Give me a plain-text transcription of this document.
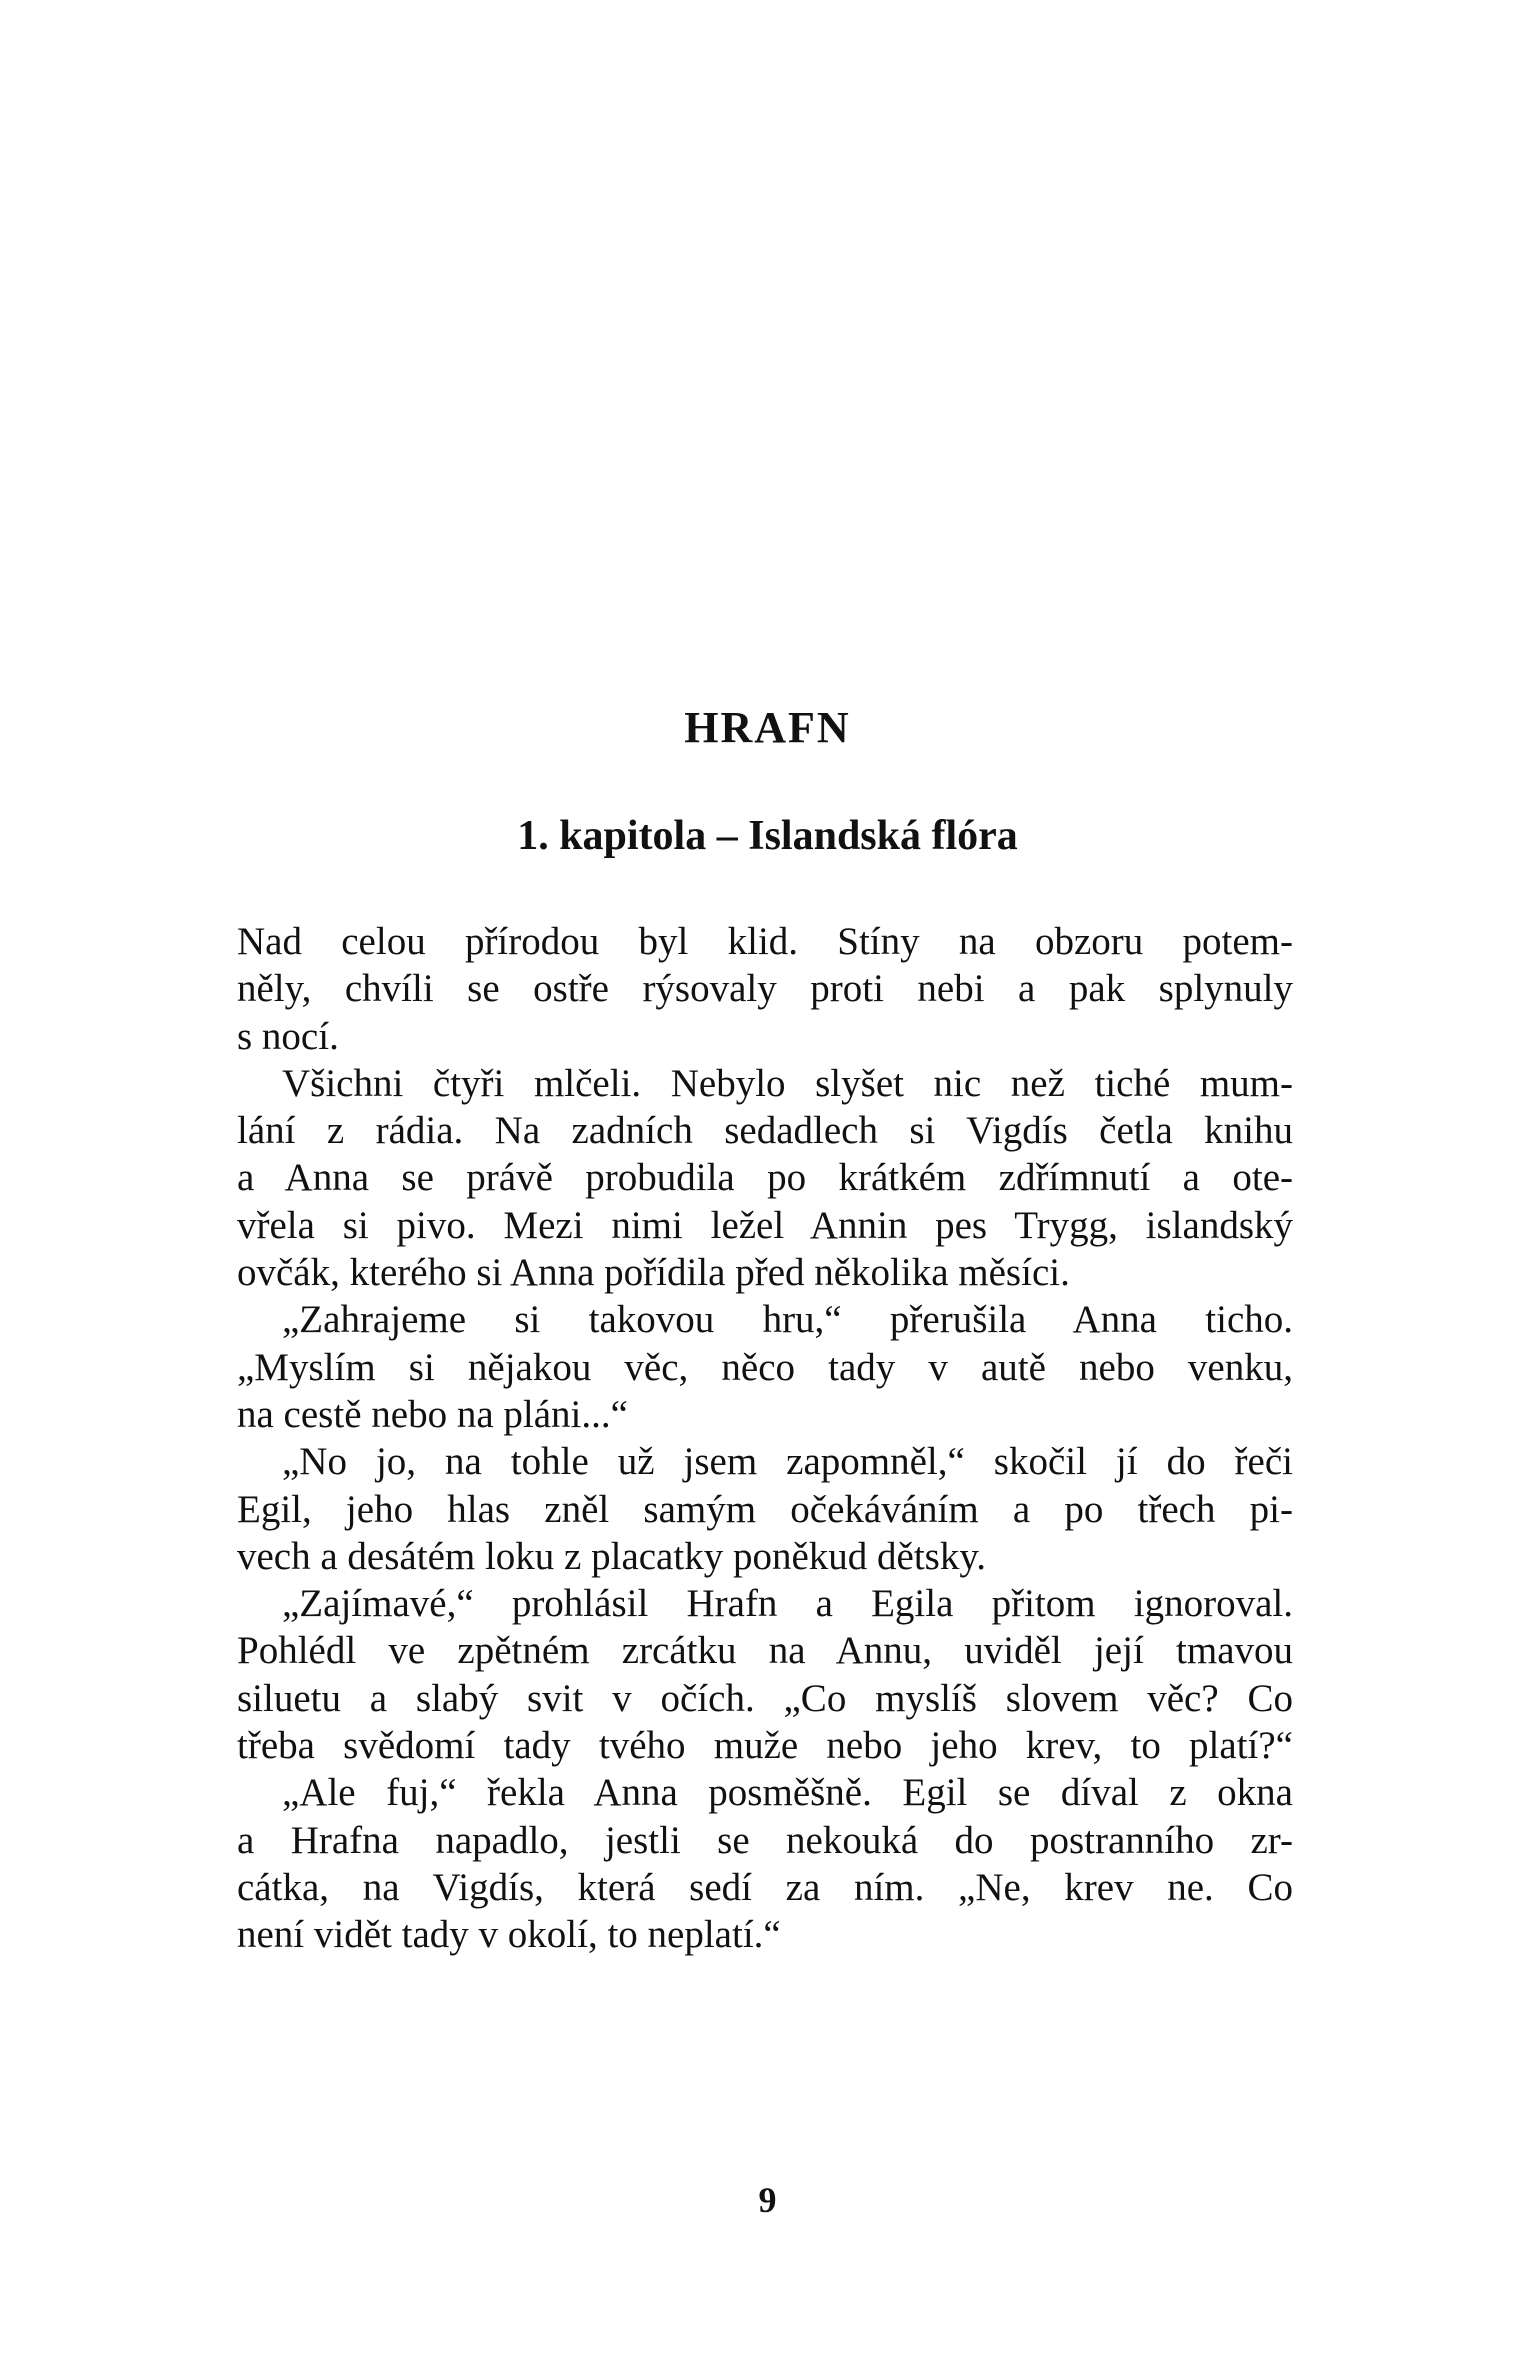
HRAFN
1. kapitola – Islandská flóra
Nad celou přírodou byl klid. Stíny na obzoru potem-
něly, chvíli se ostře rýsovaly proti nebi a pak splynuly
s nocí.
Všichni čtyři mlčeli. Nebylo slyšet nic než tiché mum-
lání z rádia. Na zadních sedadlech si Vigdís četla knihu
a Anna se právě probudila po krátkém zdřímnutí a ote-
vřela si pivo. Mezi nimi ležel Annin pes Trygg, islandský
ovčák, kterého si Anna pořídila před několika měsíci.
„Zahrajeme si takovou hru,“ přerušila Anna ticho.
„Myslím si nějakou věc, něco tady v autě nebo venku,
na cestě nebo na pláni...“
„No jo, na tohle už jsem zapomněl,“ skočil jí do řeči
Egil, jeho hlas zněl samým očekáváním a po třech pi-
vech a desátém loku z placatky poněkud dětsky.
„Zajímavé,“ prohlásil Hrafn a Egila přitom ignoroval.
Pohlédl ve zpětném zrcátku na Annu, uviděl její tmavou
siluetu a slabý svit v očích. „Co myslíš slovem věc? Co
třeba svědomí tady tvého muže nebo jeho krev, to platí?“
„Ale fuj,“ řekla Anna posměšně. Egil se díval z okna
a Hrafna napadlo, jestli se nekouká do postranního zr-
cátka, na Vigdís, která sedí za ním. „Ne, krev ne. Co
není vidět tady v okolí, to neplatí.“
9
